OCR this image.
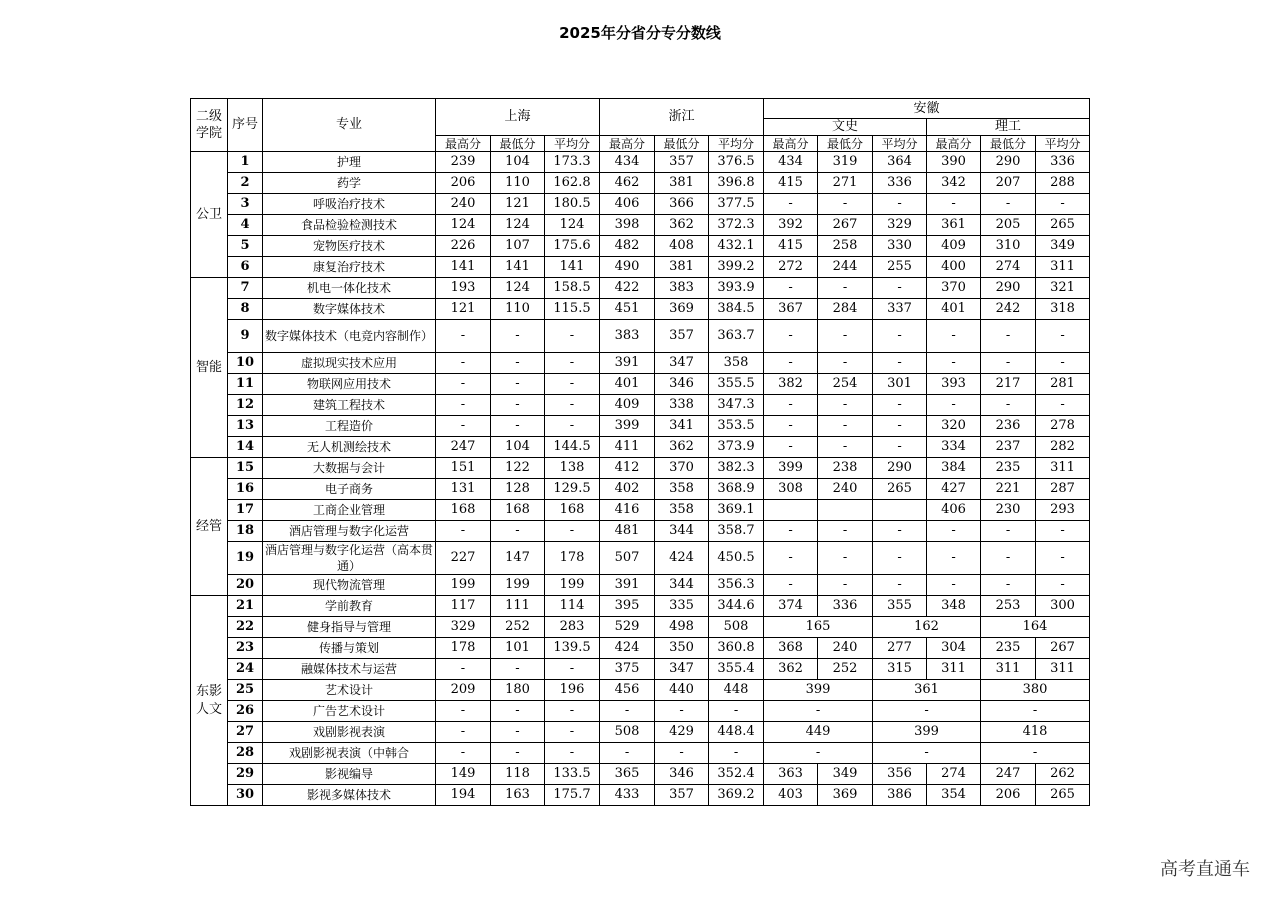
2025年分省分专分数线
二级学院	序号	专业	上海			浙江			安徽						
									文史			理工			
			最高分	最低分	平均分	最高分	最低分	平均分	最高分	最低分	平均分	最高分	最低分	平均分			
公卫	1	护理	239	104	173.3	434	357	376.5	434	319	364	390	290	336	
	2	药学	206	110	162.8	462	381	396.8	415	271	336	342	207	288	
	3	呼吸治疗技术	240	121	180.5	406	366	377.5	-	-	-	-	-	-	
	4	食品检验检测技术	124	124	124	398	362	372.3	392	267	329	361	205	265	
	5	宠物医疗技术	226	107	175.6	482	408	432.1	415	258	330	409	310	349	
	6	康复治疗技术	141	141	141	490	381	399.2	272	244	255	400	274	311	
智能	7	机电一体化技术	193	124	158.5	422	383	393.9	-	-	-	370	290	321	
	8	数字媒体技术	121	110	115.5	451	369	384.5	367	284	337	401	242	318	
	9	数字媒体技术（电竞内容制作）	-	-	-	383	357	363.7	-	-	-	-	-	-	
	10	虚拟现实技术应用	-	-	-	391	347	358	-	-	-	-	-	-	
	11	物联网应用技术	-	-	-	401	346	355.5	382	254	301	393	217	281	
	12	建筑工程技术	-	-	-	409	338	347.3	-	-	-	-	-	-	
	13	工程造价	-	-	-	399	341	353.5	-	-	-	320	236	278	
	14	无人机测绘技术	247	104	144.5	411	362	373.9	-	-	-	334	237	282	
经管	15	大数据与会计	151	122	138	412	370	382.3	399	238	290	384	235	311	
	16	电子商务	131	128	129.5	402	358	368.9	308	240	265	427	221	287	
	17	工商企业管理	168	168	168	416	358	369.1				406	230	293	
	18	酒店管理与数字化运营	-	-	-	481	344	358.7	-	-	-	-	-	-	
	19	酒店管理与数字化运营（高本贯通）	227	147	178	507	424	450.5	-	-	-	-	-	-	
	20	现代物流管理	199	199	199	391	344	356.3	-	-	-	-	-	-	
东影人文	21	学前教育	117	111	114	395	335	344.6	374	336	355	348	253	300	
	22	健身指导与管理	329	252	283	529	498	508	165		162		164		
	23	传播与策划	178	101	139.5	424	350	360.8	368	240	277	304	235	267	
	24	融媒体技术与运营	-	-	-	375	347	355.4	362	252	315	311	311	311	
	25	艺术设计	209	180	196	456	440	448	399		361		380		
	26	广告艺术设计	-	-	-	-	-	-	-		-		-		
	27	戏剧影视表演	-	-	-	508	429	448.4	449		399		418		
	28	戏剧影视表演（中韩合	-	-	-	-	-	-	-		-		-		
	29	影视编导	149	118	133.5	365	346	352.4	363	349	356	274	247	262	
	30	影视多媒体技术	194	163	175.7	433	357	369.2	403	369	386	354	206	265	
高考直通车
